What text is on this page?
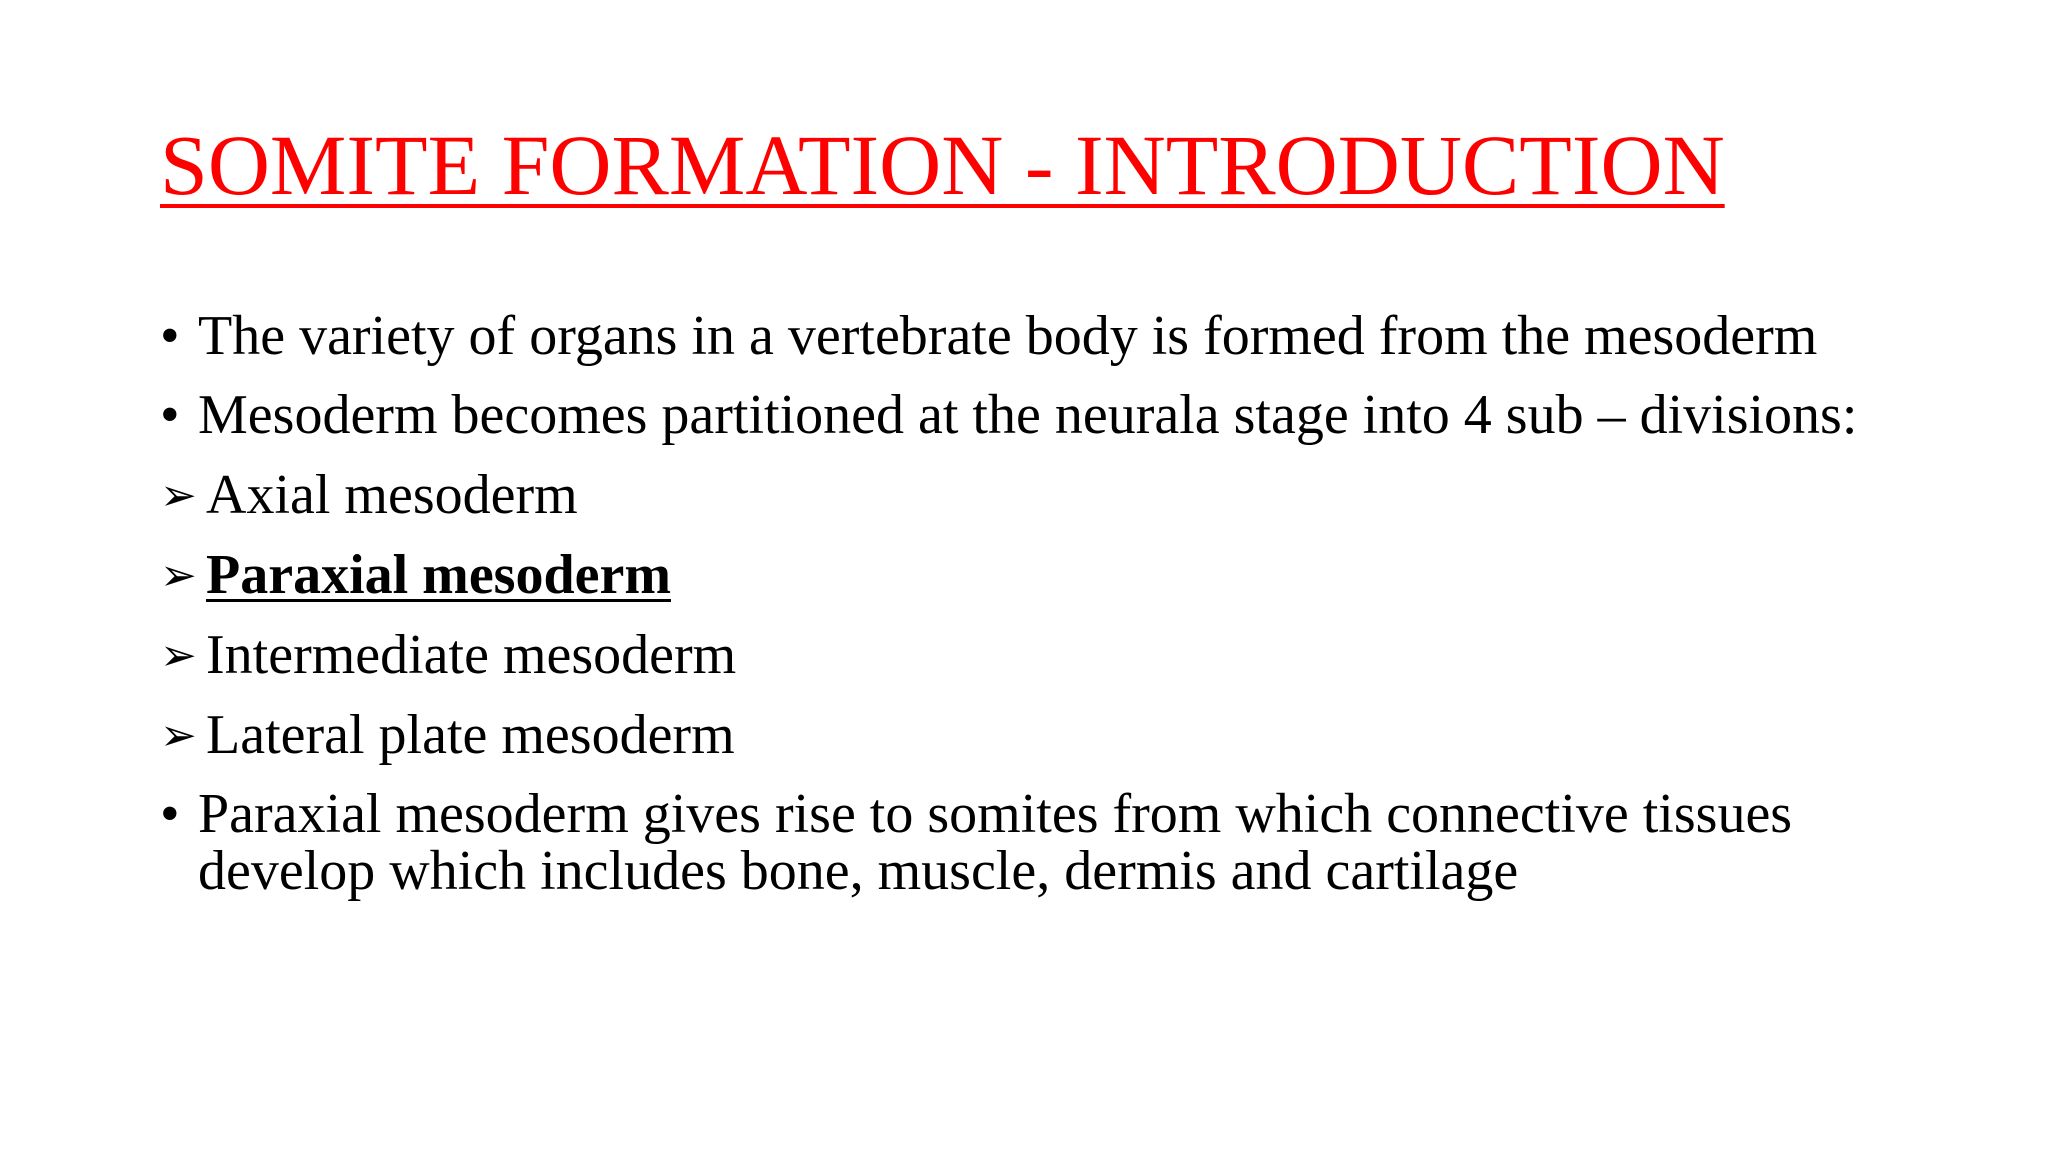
SOMITE FORMATION - INTRODUCTION

• The variety of organs in a vertebrate body is formed from the mesoderm

• Mesoderm becomes partitioned at the neurala stage into 4 sub – divisions:

➢ Axial mesoderm

➢ Paraxial mesoderm

➢ Intermediate mesoderm

➢ Lateral plate mesoderm

• Paraxial mesoderm gives rise to somites from which connective tissues develop which includes bone, muscle, dermis and cartilage
